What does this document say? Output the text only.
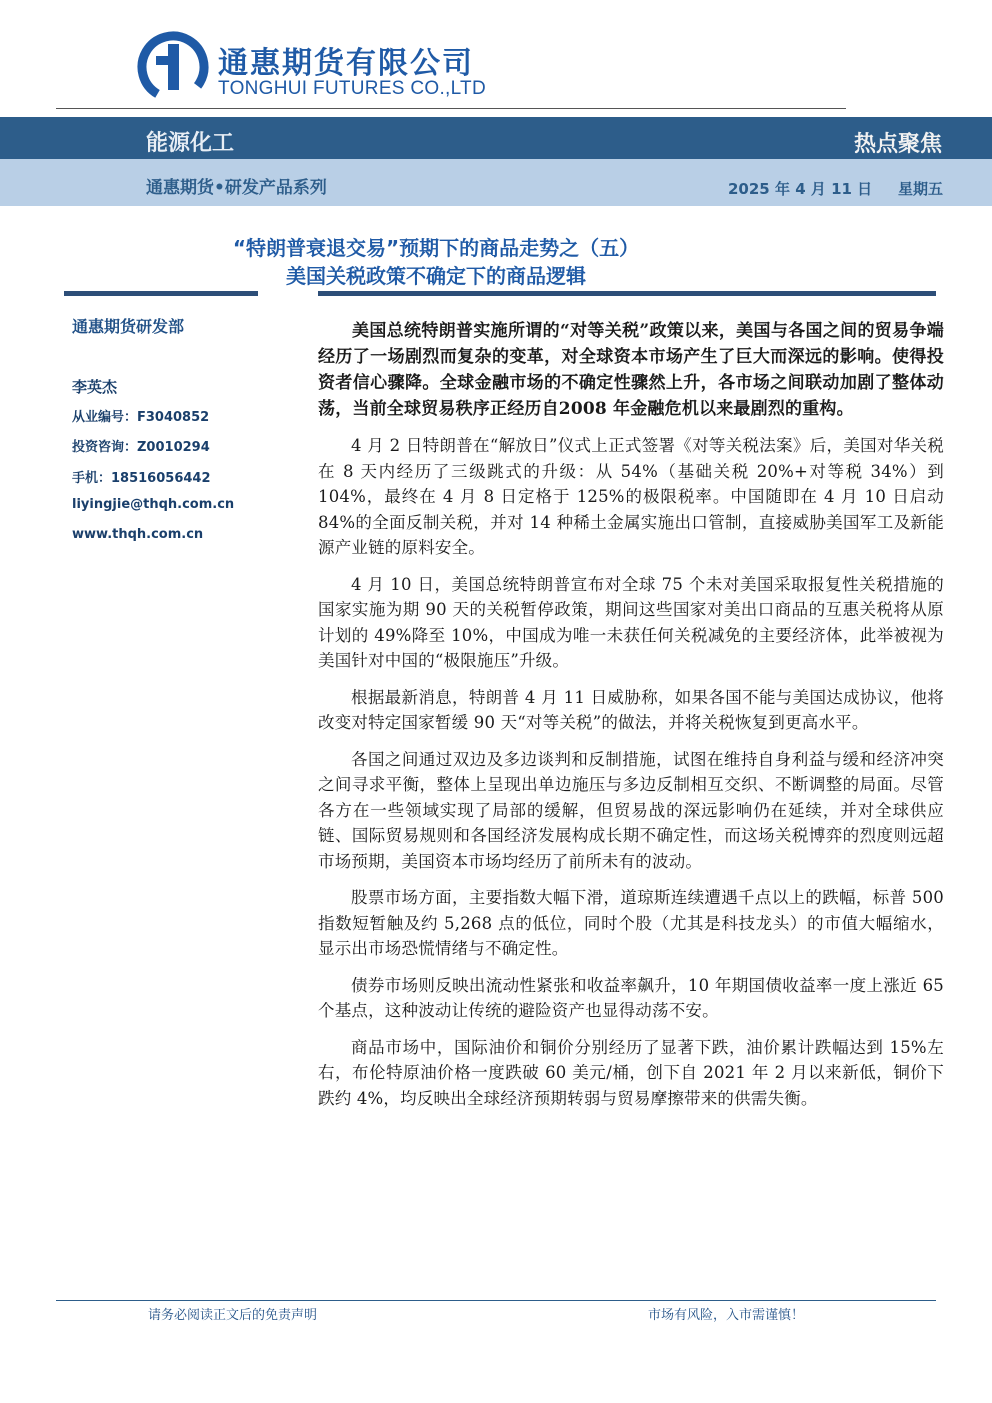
通惠期货有限公司
TONGHUI FUTURES CO.,LTD
能源化工	热点聚焦
通惠期货•研发产品系列	2025 年 4 月 11 日 星期五
“特朗普衰退交易”预期下的商品走势之（五）
美国关税政策不确定下的商品逻辑
通惠期货研发部
李英杰
从业编号：F3040852
投资咨询：Z0010294
手机：18516056442
liyingjie@thqh.com.cn
www.thqh.com.cn

美国总统特朗普实施所谓的“对等关税”政策以来，美国与各国之间的贸易争端经历了一场剧烈而复杂的变革，对全球资本市场产生了巨大而深远的影响。使得投资者信心骤降。全球金融市场的不确定性骤然上升，各市场之间联动加剧了整体动荡，当前全球贸易秩序正经历自2008 年金融危机以来最剧烈的重构。

4 月 2 日特朗普在“解放日”仪式上正式签署《对等关税法案》后，美国对华关税在 8 天内经历了三级跳式的升级：从 54%（基础关税 20%+对等税 34%）到 104%，最终在 4 月 8 日定格于 125%的极限税率。中国随即在 4 月 10 日启动 84%的全面反制关税，并对 14 种稀土金属实施出口管制，直接威胁美国军工及新能源产业链的原料安全。

4 月 10 日，美国总统特朗普宣布对全球 75 个未对美国采取报复性关税措施的国家实施为期 90 天的关税暂停政策，期间这些国家对美出口商品的互惠关税将从原计划的 49%降至 10%，中国成为唯一未获任何关税减免的主要经济体，此举被视为美国针对中国的“极限施压”升级。

根据最新消息，特朗普 4 月 11 日威胁称，如果各国不能与美国达成协议，他将改变对特定国家暂缓 90 天“对等关税”的做法，并将关税恢复到更高水平。

各国之间通过双边及多边谈判和反制措施，试图在维持自身利益与缓和经济冲突之间寻求平衡，整体上呈现出单边施压与多边反制相互交织、不断调整的局面。尽管各方在一些领域实现了局部的缓解，但贸易战的深远影响仍在延续，并对全球供应链、国际贸易规则和各国经济发展构成长期不确定性，而这场关税博弈的烈度则远超市场预期，美国资本市场均经历了前所未有的波动。

股票市场方面，主要指数大幅下滑，道琼斯连续遭遇千点以上的跌幅，标普 500 指数短暂触及约 5,268 点的低位，同时个股（尤其是科技龙头）的市值大幅缩水，显示出市场恐慌情绪与不确定性。

债券市场则反映出流动性紧张和收益率飙升，10 年期国债收益率一度上涨近 65 个基点，这种波动让传统的避险资产也显得动荡不安。

商品市场中，国际油价和铜价分别经历了显著下跌，油价累计跌幅达到 15%左右，布伦特原油价格一度跌破 60 美元/桶，创下自 2021 年 2 月以来新低，铜价下跌约 4%，均反映出全球经济预期转弱与贸易摩擦带来的供需失衡。

请务必阅读正文后的免责声明	市场有风险，入市需谨慎！
